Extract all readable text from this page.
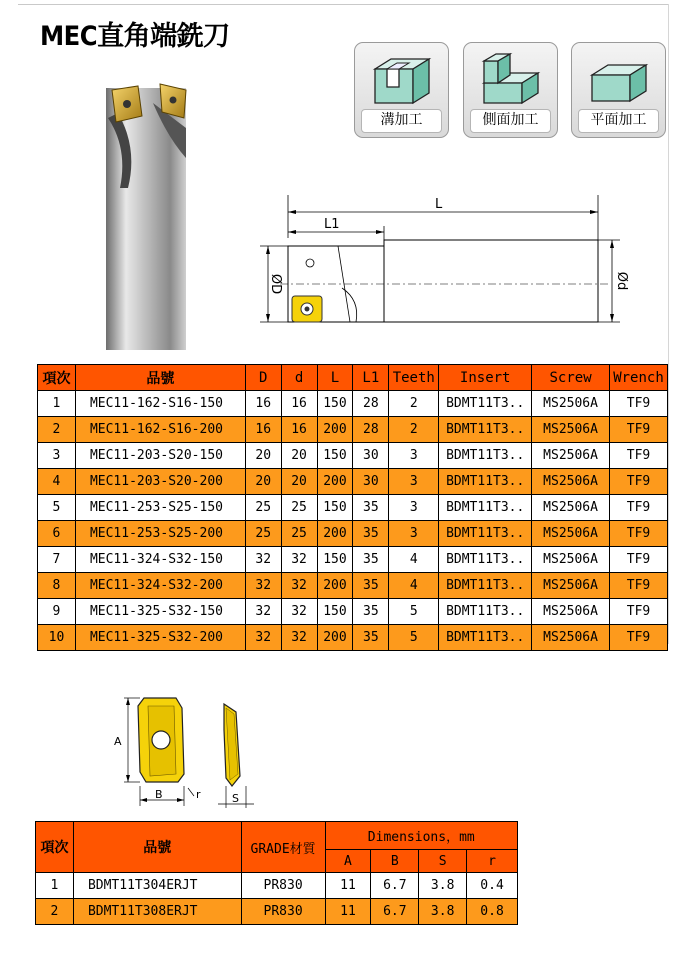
MEC直角端銑刀
溝加工	側面加工	平面加工
L
L1
ØD	Ød
項次	品號	D	d	L	L1	Teeth	Insert	Screw	Wrench
1	MEC11-162-S16-150	16	16	150	28	2	BDMT11T3..	MS2506A	TF9
2	MEC11-162-S16-200	16	16	200	28	2	BDMT11T3..	MS2506A	TF9
3	MEC11-203-S20-150	20	20	150	30	3	BDMT11T3..	MS2506A	TF9
4	MEC11-203-S20-200	20	20	200	30	3	BDMT11T3..	MS2506A	TF9
5	MEC11-253-S25-150	25	25	150	35	3	BDMT11T3..	MS2506A	TF9
6	MEC11-253-S25-200	25	25	200	35	3	BDMT11T3..	MS2506A	TF9
7	MEC11-324-S32-150	32	32	150	35	4	BDMT11T3..	MS2506A	TF9
8	MEC11-324-S32-200	32	32	200	35	4	BDMT11T3..	MS2506A	TF9
9	MEC11-325-S32-150	32	32	150	35	5	BDMT11T3..	MS2506A	TF9
10	MEC11-325-S32-200	32	32	200	35	5	BDMT11T3..	MS2506A	TF9
A
B	r	S
項次	品號	GRADE材質	Dimensions，mm			
			A	B	S	r
1	BDMT11T304ERJT	PR830	11	6.7	3.8	0.4
2	BDMT11T308ERJT	PR830	11	6.7	3.8	0.8
